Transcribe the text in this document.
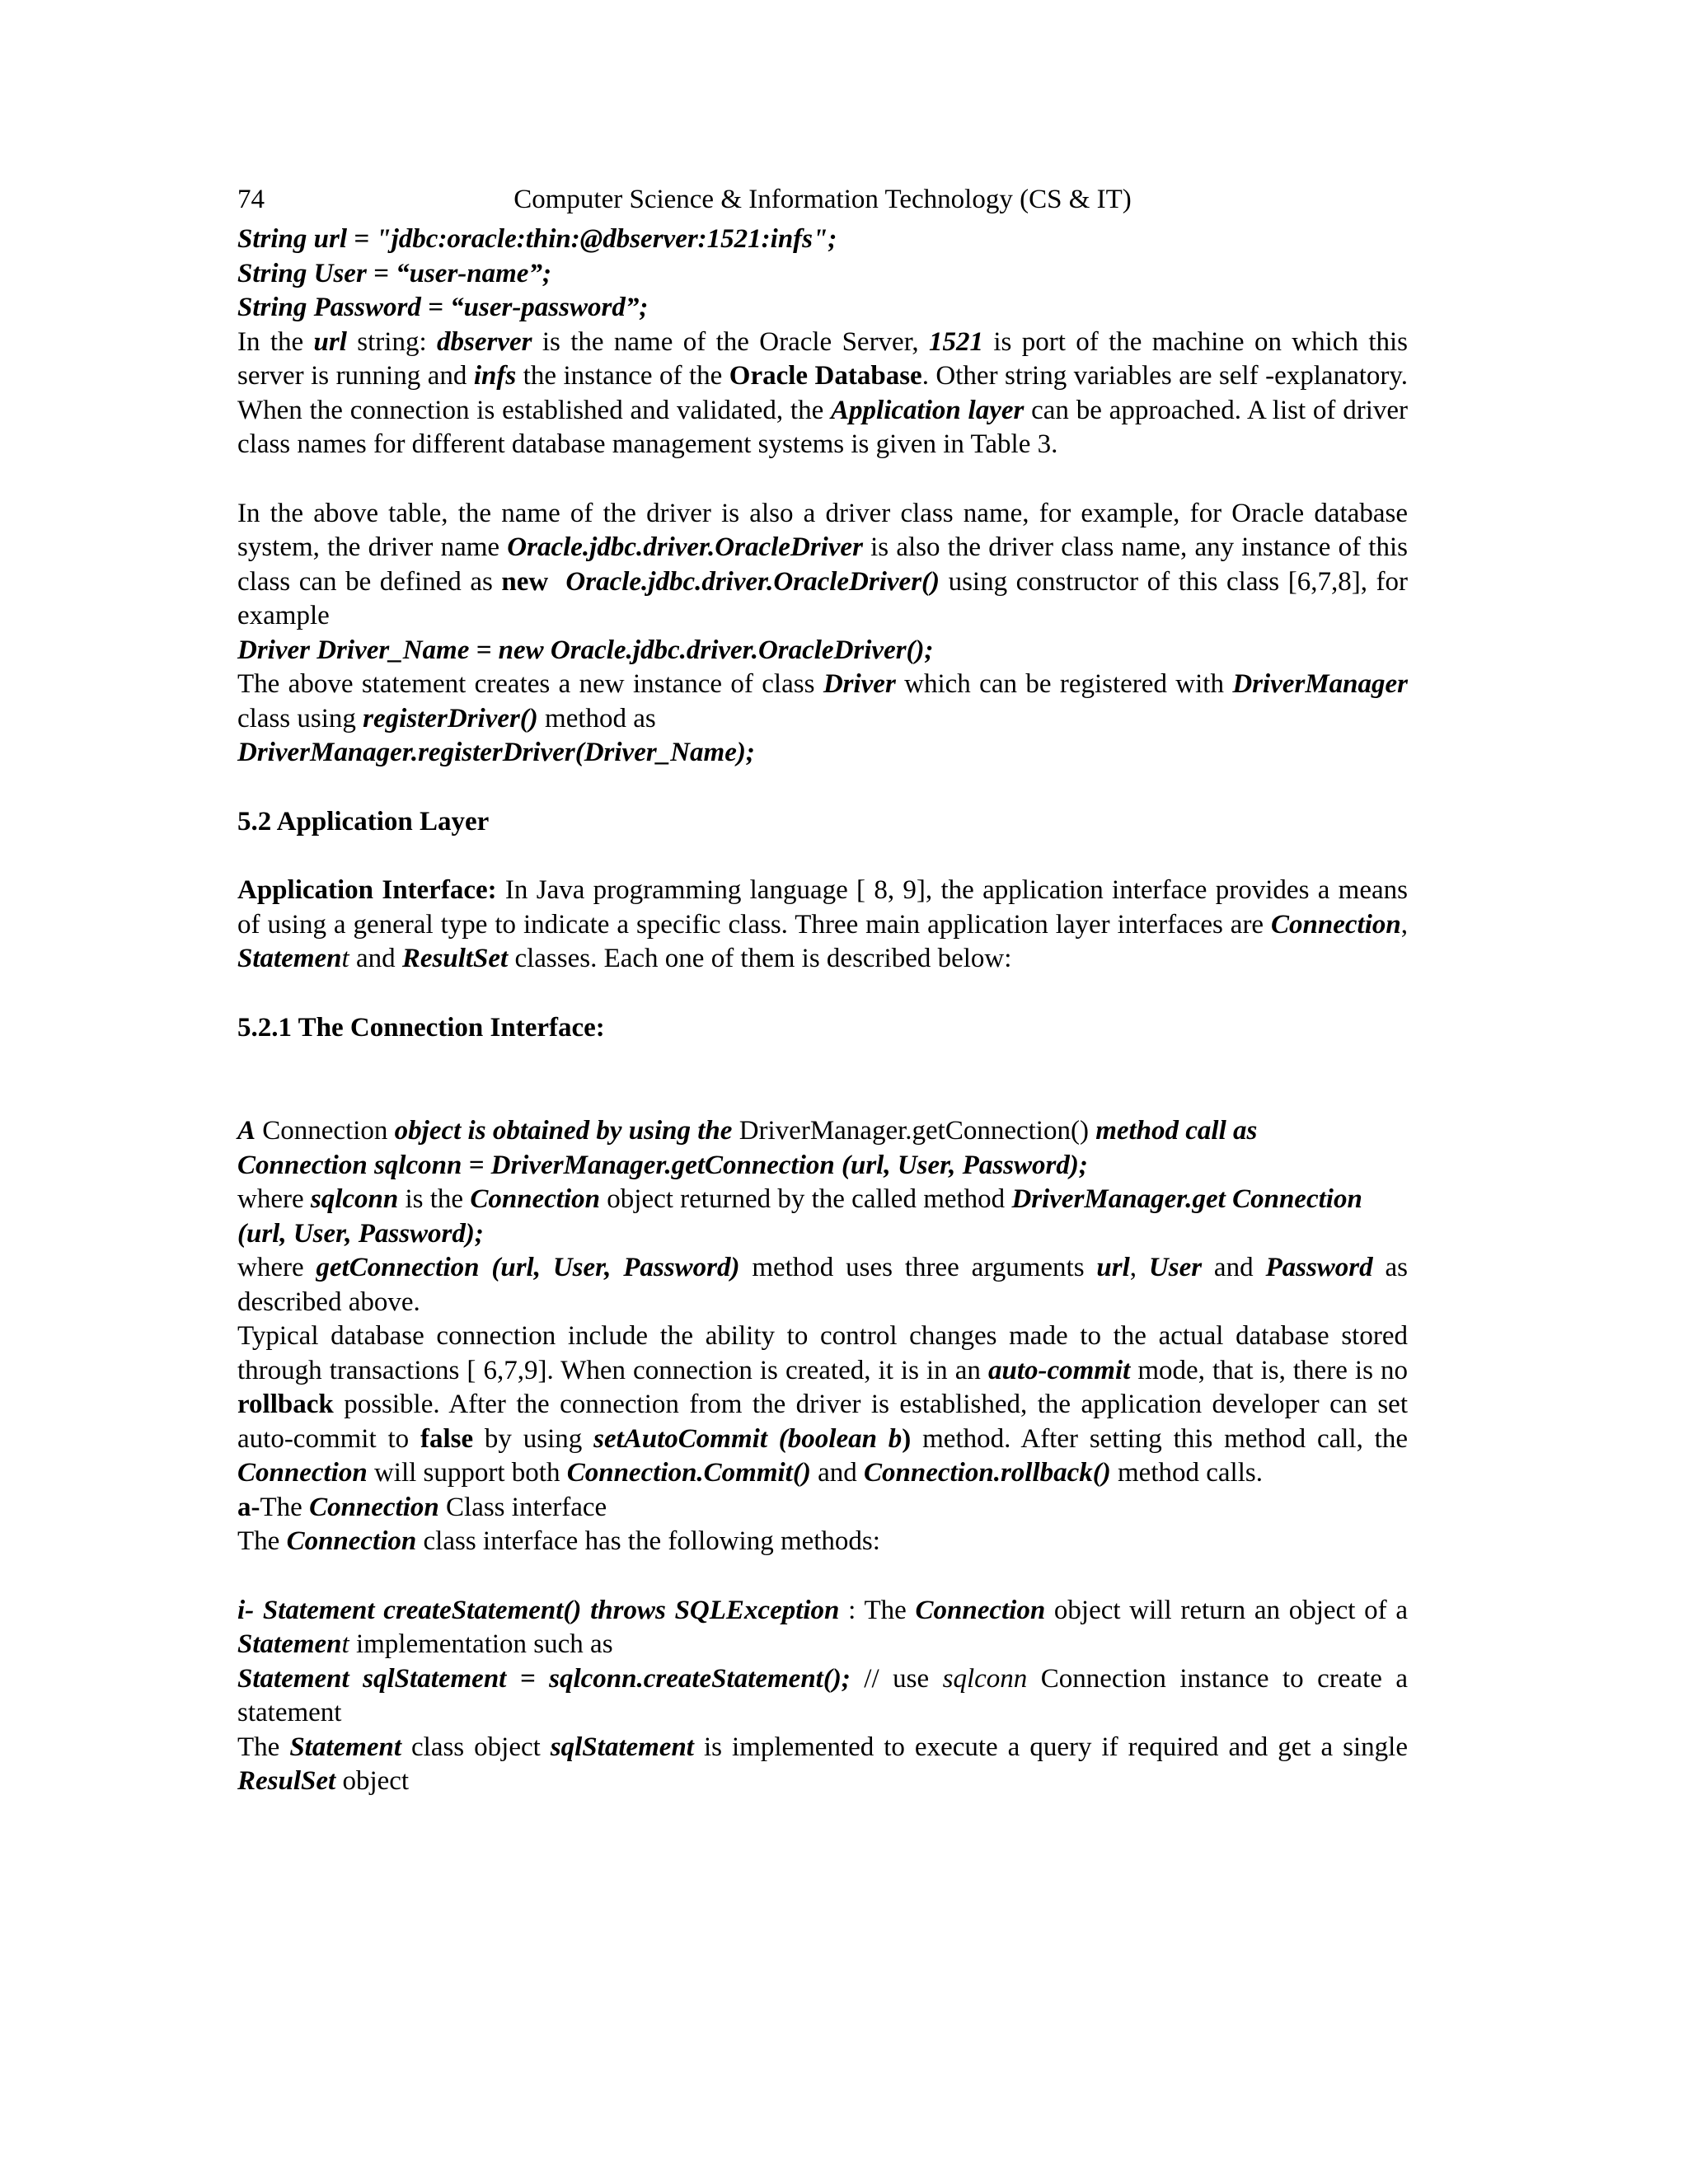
74	Computer Science & Information Technology (CS & IT)

String url = "jdbc:oracle:thin:@dbserver:1521:infs";

String User = “user-name”;

String Password = “user-password”;

In the url string: dbserver is the name of the Oracle Server, 1521 is port of the machine on which this server is running and infs the instance of the Oracle Database. Other string variables are self -explanatory. When the connection is established and validated, the Application layer can be approached. A list of driver class names for different database management systems is given in Table 3.

In the above table, the name of the driver is also a driver class name, for example, for Oracle database system, the driver name Oracle.jdbc.driver.OracleDriver is also the driver class name, any instance of this class can be defined as new Oracle.jdbc.driver.OracleDriver() using constructor of this class [6,7,8], for example

Driver Driver_Name = new Oracle.jdbc.driver.OracleDriver();

The above statement creates a new instance of class Driver which can be registered with DriverManager class using registerDriver() method as

DriverManager.registerDriver(Driver_Name);

5.2 Application Layer

Application Interface: In Java programming language [ 8, 9], the application interface provides a means of using a general type to indicate a specific class. Three main application layer interfaces are Connection, Statement and ResultSet classes. Each one of them is described below:

5.2.1 The Connection Interface:

A Connection object is obtained by using the DriverManager.getConnection() method call as

Connection sqlconn = DriverManager.getConnection (url, User, Password);

where sqlconn is the Connection object returned by the called method DriverManager.get Connection (url, User, Password);

where getConnection (url, User, Password) method uses three arguments url, User and Password as described above.

Typical database connection include the ability to control changes made to the actual database stored through transactions [ 6,7,9]. When connection is created, it is in an auto-commit mode, that is, there is no rollback possible. After the connection from the driver is established, the application developer can set auto-commit to false by using setAutoCommit (boolean b) method. After setting this method call, the Connection will support both Connection.Commit() and Connection.rollback() method calls.

a-The Connection Class interface

The Connection class interface has the following methods:

i- Statement createStatement() throws SQLException : The Connection object will return an object of a Statement implementation such as

Statement sqlStatement = sqlconn.createStatement(); // use sqlconn Connection instance to create a statement

The Statement class object sqlStatement is implemented to execute a query if required and get a single ResulSet object
